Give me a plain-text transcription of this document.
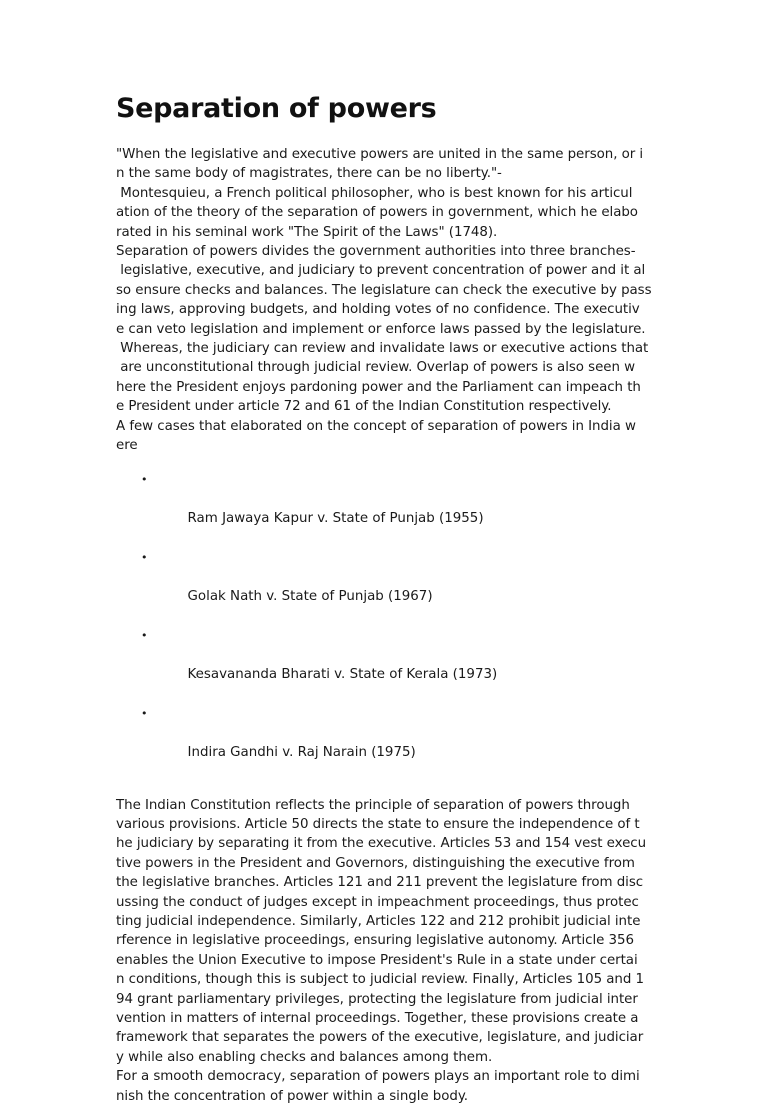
Separation of powers
"When the legislative and executive powers are united in the same person, or i
n the same body of magistrates, there can be no liberty."-
Montesquieu, a French political philosopher, who is best known for his articul
ation of the theory of the separation of powers in government, which he elabo
rated in his seminal work "The Spirit of the Laws" (1748).
Separation of powers divides the government authorities into three branches-
legislative, executive, and judiciary to prevent concentration of power and it al
so ensure checks and balances. The legislature can check the executive by pass
ing laws, approving budgets, and holding votes of no confidence. The executiv
e can veto legislation and implement or enforce laws passed by the legislature.
Whereas, the judiciary can review and invalidate laws or executive actions that
are unconstitutional through judicial review. Overlap of powers is also seen w
here the President enjoys pardoning power and the Parliament can impeach th
e President under article 72 and 61 of the Indian Constitution respectively.
A few cases that elaborated on the concept of separation of powers in India w
ere

•

Ram Jawaya Kapur v. State of Punjab (1955)

•

Golak Nath v. State of Punjab (1967)

•

Kesavananda Bharati v. State of Kerala (1973)

•

Indira Gandhi v. Raj Narain (1975)

The Indian Constitution reflects the principle of separation of powers through
various provisions. Article 50 directs the state to ensure the independence of t
he judiciary by separating it from the executive. Articles 53 and 154 vest execu
tive powers in the President and Governors, distinguishing the executive from
the legislative branches. Articles 121 and 211 prevent the legislature from disc
ussing the conduct of judges except in impeachment proceedings, thus protec
ting judicial independence. Similarly, Articles 122 and 212 prohibit judicial inte
rference in legislative proceedings, ensuring legislative autonomy. Article 356
enables the Union Executive to impose President's Rule in a state under certai
n conditions, though this is subject to judicial review. Finally, Articles 105 and 1
94 grant parliamentary privileges, protecting the legislature from judicial inter
vention in matters of internal proceedings. Together, these provisions create a
framework that separates the powers of the executive, legislature, and judiciar
y while also enabling checks and balances among them.
For a smooth democracy, separation of powers plays an important role to dimi
nish the concentration of power within a single body.
